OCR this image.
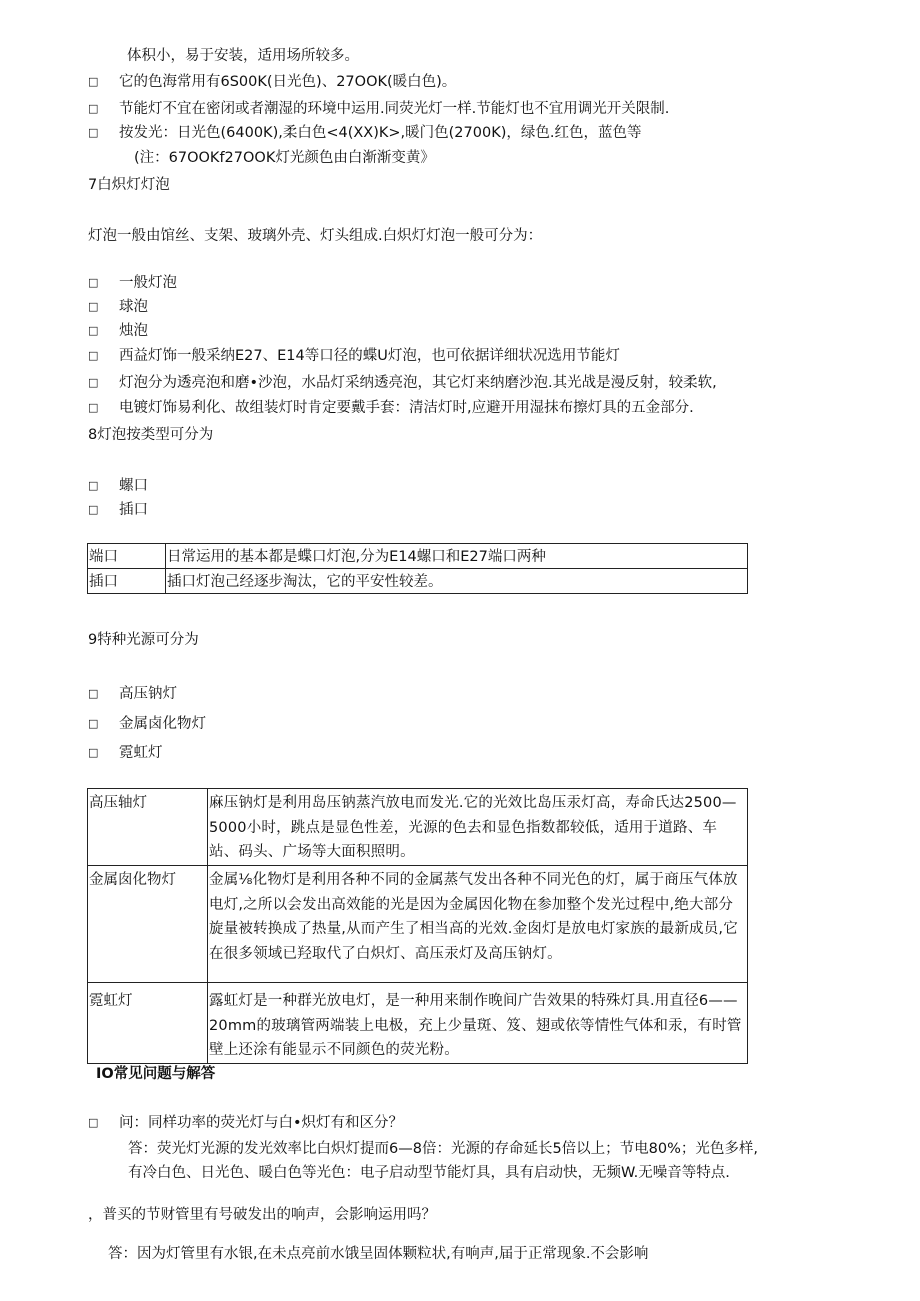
体积小，易于安装，适用场所较多。
□ 它的色海常用有6S00K(日光色)、27OOK(暖白色)。
□ 节能灯不宜在密闭或者潮湿的环境中运用.同荧光灯一样.节能灯也不宜用调光开关限制.
□ 按发光：日光色(6400K),柔白色<4(XX)K>,暖门色(2700K)，绿色.红色，蓝色等
(注：67OOKf27OOK灯光颜色由白渐渐变黄》
7白炽灯灯泡
灯泡一般由馆丝、支架、玻璃外壳、灯头组成.白炽灯灯泡一般可分为：
□ 一般灯泡
□ 球泡
□ 烛泡
□ 西益灯饰一般采纳E27、E14等口径的蝶U灯泡，也可依据详细状况选用节能灯
□ 灯泡分为透亮泡和磨•沙泡，水品灯采纳透亮泡，其它灯来纳磨沙泡.其光战是漫反射，较柔软,
□ 电镀灯饰易利化、故组装灯时肯定要戴手套：清洁灯时,应避开用湿抹布擦灯具的五金部分.
8灯泡按类型可分为
□ 螺口
□ 插口
端口	日常运用的基本都是蝶口灯泡,分为E14螺口和E27端口两种
插口	插口灯泡己经逐步淘汰，它的平安性较差。
9特种光源可分为
□ 高压钠灯
□ 金属卤化物灯
□ 霓虹灯
高压轴灯	麻压钠灯是利用岛压钠蒸汽放电而发光.它的光效比岛压汞灯高，寿命氏达2500—5000小时，跳点是显色性差，光源的色去和显色指数都较低，适用于道路、车站、码头、广场等大面积照明。
金属囱化物灯	金属⅛化物灯是利用各种不同的金属蒸气发出各种不同光色的灯，属于商压气体放电灯,之所以会发出高效能的光是因为金属因化物在参加整个发光过程中,绝大部分旋量被转换成了热量,从而产生了相当高的光效.金囱灯是放电灯家族的最新成员,它在很多领域已羟取代了白炽灯、高压汞灯及高压钠灯。
霓虹灯	露虹灯是一种群光放电灯，是一种用来制作晚间广告效果的特殊灯具.用直径6——20mm的玻璃管两端装上电极，充上少量斑、笈、翅或依等情性气体和汞，有时管壁上还涂有能显示不同颜色的荧光粉。
IO常见问题与解答
□ 问：同样功率的荧光灯与白•炽灯有和区分？
答：荧光灯光源的发光效率比白炽灯提而6—8倍：光源的存命延长5倍以上；节电80%；光色多样,
有冷白色、日光色、暖白色等光色：电子启动型节能灯具，具有启动快，无频W.无噪音等特点.
，普买的节财管里有号破发出的响声，会影响运用吗？
答：因为灯管里有水银,在未点亮前水饿呈固体颗粒状,有响声,届于正常现象.不会影响
